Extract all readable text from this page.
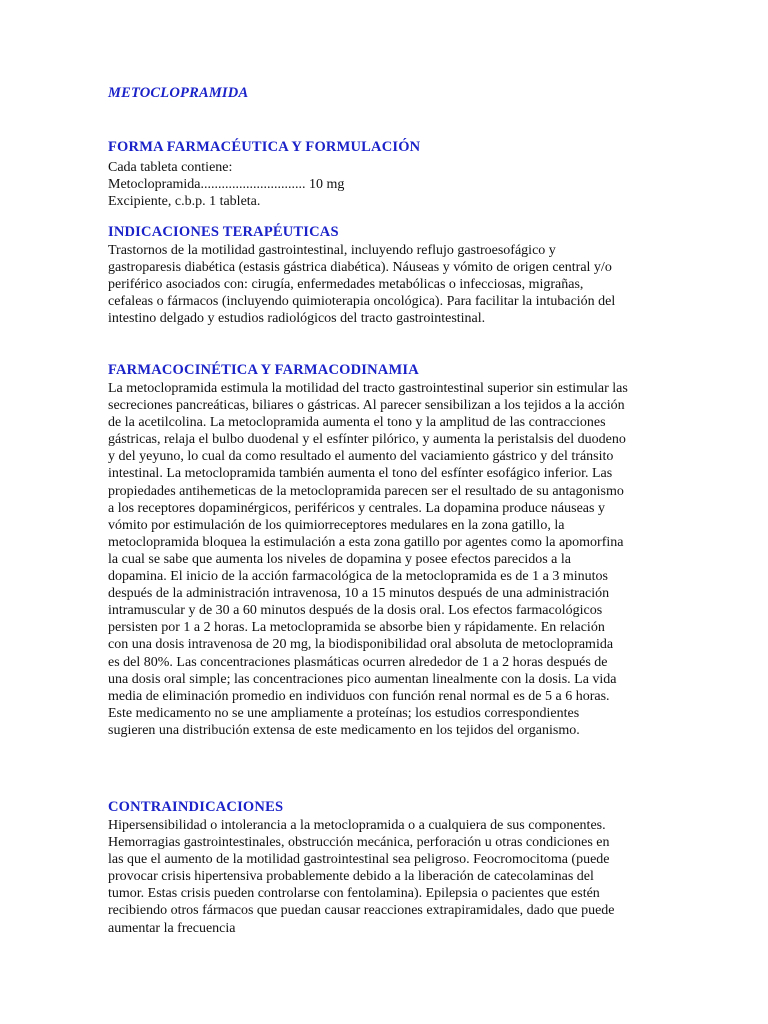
METOCLOPRAMIDA
FORMA FARMACÉUTICA Y FORMULACIÓN

Cada tableta contiene:

Metoclopramida.............................. 10 mg

Excipiente, c.b.p. 1 tableta.

INDICACIONES TERAPÉUTICAS

Trastornos de la motilidad gastrointestinal, incluyendo reflujo gastroesofágico y gastroparesis diabética (estasis gástrica diabética). Náuseas y vómito de origen central y/o periférico asociados con: cirugía, enfermedades metabólicas o infecciosas, migrañas, cefaleas o fármacos (incluyendo quimioterapia oncológica). Para facilitar la intubación del intestino delgado y estudios radiológicos del tracto gastrointestinal.

FARMACOCINÉTICA Y FARMACODINAMIA

La metoclopramida estimula la motilidad del tracto gastrointestinal superior sin estimular las secreciones pancreáticas, biliares o gástricas. Al parecer sensibilizan a los tejidos a la acción de la acetilcolina. La metoclopramida aumenta el tono y la amplitud de las contracciones gástricas, relaja el bulbo duodenal y el esfínter pilórico, y aumenta la peristalsis del duodeno y del yeyuno, lo cual da como resultado el aumento del vaciamiento gástrico y del tránsito intestinal. La metoclopramida también aumenta el tono del esfínter esofágico inferior. Las propiedades antihemeticas de la metoclopramida parecen ser el resultado de su antagonismo a los receptores dopaminérgicos, periféricos y centrales. La dopamina produce náuseas y vómito por estimulación de los quimiorreceptores medulares en la zona gatillo, la metoclopramida bloquea la estimulación a esta zona gatillo por agentes como la apomorfina la cual se sabe que aumenta los niveles de dopamina y posee efectos parecidos a la dopamina. El inicio de la acción farmacológica de la metoclopramida es de 1 a 3 minutos después de la administración intravenosa, 10 a 15 minutos después de una administración intramuscular y de 30 a 60 minutos después de la dosis oral. Los efectos farmacológicos persisten por 1 a 2 horas. La metoclopramida se absorbe bien y rápidamente. En relación con una dosis intravenosa de 20 mg, la biodisponibilidad oral absoluta de metoclopramida es del 80%. Las concentraciones plasmáticas ocurren alrededor de 1 a 2 horas después de una dosis oral simple; las concentraciones pico aumentan linealmente con la dosis. La vida media de eliminación promedio en individuos con función renal normal es de 5 a 6 horas. Este medicamento no se une ampliamente a proteínas; los estudios correspondientes sugieren una distribución extensa de este medicamento en los tejidos del organismo.

CONTRAINDICACIONES

Hipersensibilidad o intolerancia a la metoclopramida o a cualquiera de sus componentes. Hemorragias gastrointestinales, obstrucción mecánica, perforación u otras condiciones en las que el aumento de la motilidad gastrointestinal sea peligroso. Feocromocitoma (puede provocar crisis hipertensiva probablemente debido a la liberación de catecolaminas del tumor. Estas crisis pueden controlarse con fentolamina). Epilepsia o pacientes que estén recibiendo otros fármacos que puedan causar reacciones extrapiramidales, dado que puede aumentar la frecuencia
